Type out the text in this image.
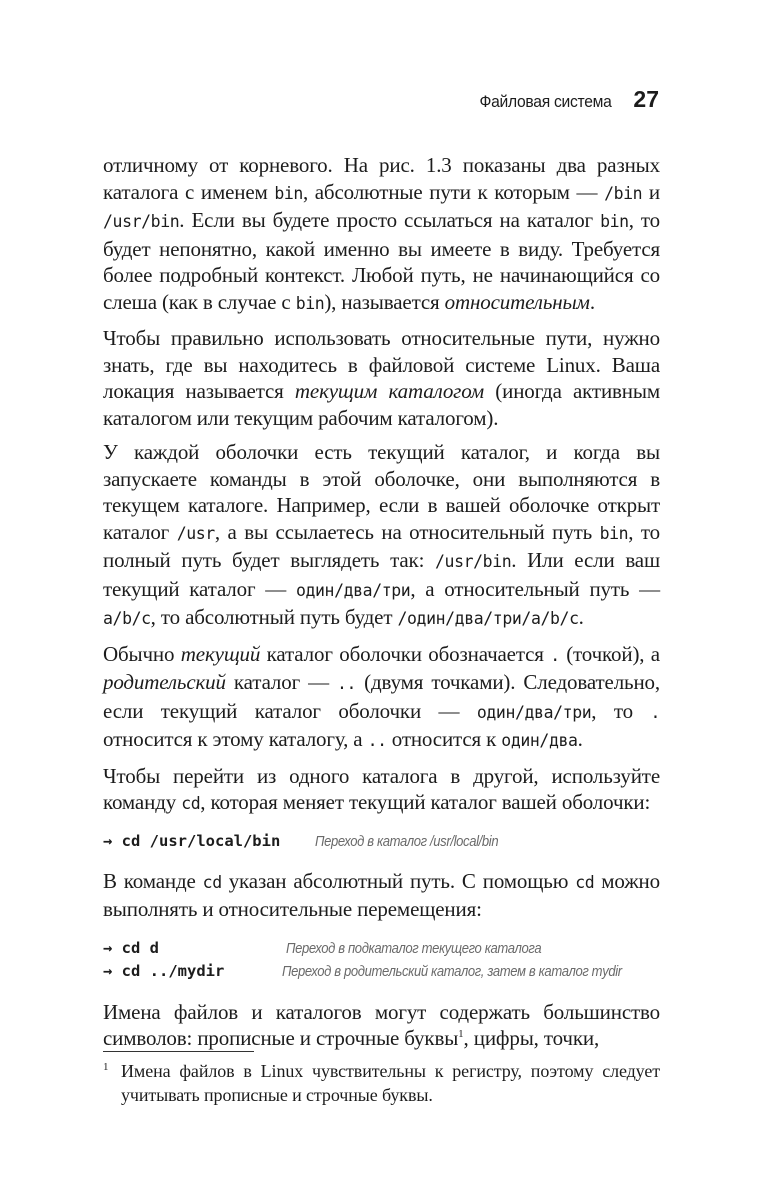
Файловая система 27

отличному от корневого. На рис. 1.3 показаны два разных каталога с именем bin, абсолютные пути к которым — /bin и /usr/bin. Если вы будете просто ссылаться на каталог bin, то будет непонятно, какой именно вы имеете в виду. Требуется более подробный контекст. Любой путь, не начинающийся со слеша (как в случае с bin), называется относительным.

Чтобы правильно использовать относительные пути, нужно знать, где вы находитесь в файловой системе Linux. Ваша локация называется текущим каталогом (иногда активным каталогом или текущим рабочим каталогом).

У каждой оболочки есть текущий каталог, и когда вы запускаете команды в этой оболочке, они выполняются в текущем каталоге. Например, если в вашей оболочке открыт каталог /usr, а вы ссылаетесь на относительный путь bin, то полный путь будет выглядеть так: /usr/bin. Или если ваш текущий каталог — один/два/три, а относительный путь — a/b/c, то абсолютный путь будет /один/два/три/a/b/c.

Обычно текущий каталог оболочки обозначается . (точкой), а родительский каталог — .. (двумя точками). Следовательно, если текущий каталог оболочки — один/два/три, то . относится к этому каталогу, а .. относится к один/два.

Чтобы перейти из одного каталога в другой, используйте команду cd, которая меняет текущий каталог вашей оболочки:

→ cd /usr/local/bin	Переход в каталог /usr/local/bin

В команде cd указан абсолютный путь. С помощью cd можно выполнять и относительные перемещения:

→ cd d	Переход в подкаталог текущего каталога
→ cd ../mydir	Переход в родительский каталог, затем в каталог mydir

Имена файлов и каталогов могут содержать большинство символов: прописные и строчные буквы$^1$, цифры, точки,

1 Имена файлов в Linux чувствительны к регистру, поэтому следует учитывать прописные и строчные буквы.
